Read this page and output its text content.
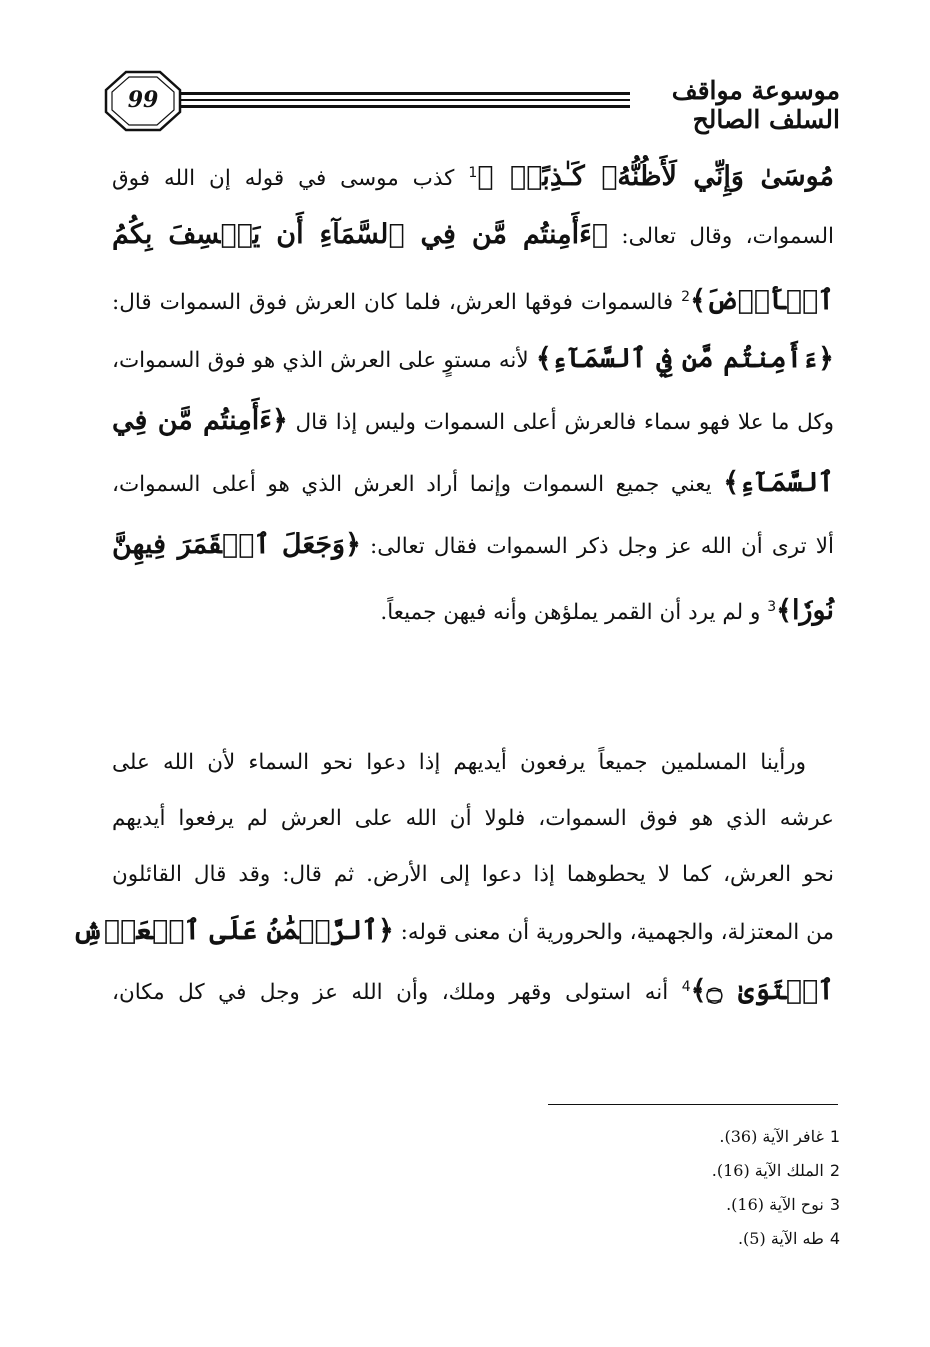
99	موسوعة مواقف السلف الصالح
مُوسَىٰ وَإِنِّي لَأَظُنُّهُۥ كَـٰذِبًاۚ ﴾$^1$ كذب موسى في قوله إن الله فوق
السموات، وقال تعالى: ﴿ءَأَمِنتُم مَّن فِي ٱلسَّمَآءِ أَن يَخۡسِفَ بِكُمُ
ٱلۡأَرۡضَ﴾$^2$ فالسموات فوقها العرش، فلما كان العرش فوق السموات قال:
﴿ءَأَمِنتُم مَّن فِي ٱلسَّمَآءِ﴾ لأنه مستوٍ على العرش الذي هو فوق السموات،
وكل ما علا فهو سماء فالعرش أعلى السموات وليس إذا قال ﴿ءَأَمِنتُم مَّن فِي
ٱلسَّمَآءِ﴾ يعني جميع السموات وإنما أراد العرش الذي هو أعلى السموات،
ألا ترى أن الله عز وجل ذكر السموات فقال تعالى: ﴿وَجَعَلَ ٱلۡقَمَرَ فِيهِنَّ
نُورٗا﴾$^3$ و لم يرد أن القمر يملؤهن وأنه فيهن جميعاً.
ورأينا المسلمين جميعاً يرفعون أيديهم إذا دعوا نحو السماء لأن الله على
عرشه الذي هو فوق السموات، فلولا أن الله على العرش لم يرفعوا أيديهم
نحو العرش، كما لا يحطوهما إذا دعوا إلى الأرض. ثم قال: وقد قال القائلون
من المعتزلة، والجهمية، والحرورية أن معنى قوله: ﴿ٱلرَّحۡمَٰنُ عَلَى ٱلۡعَرۡشِ
ٱسۡتَوَىٰ ۝﴾$^4$ أنه استولى وقهر وملك، وأن الله عز وجل في كل مكان،
1غافر الآية (36).
2الملك الآية (16).
3نوح الآية (16).
4طه الآية (5).
